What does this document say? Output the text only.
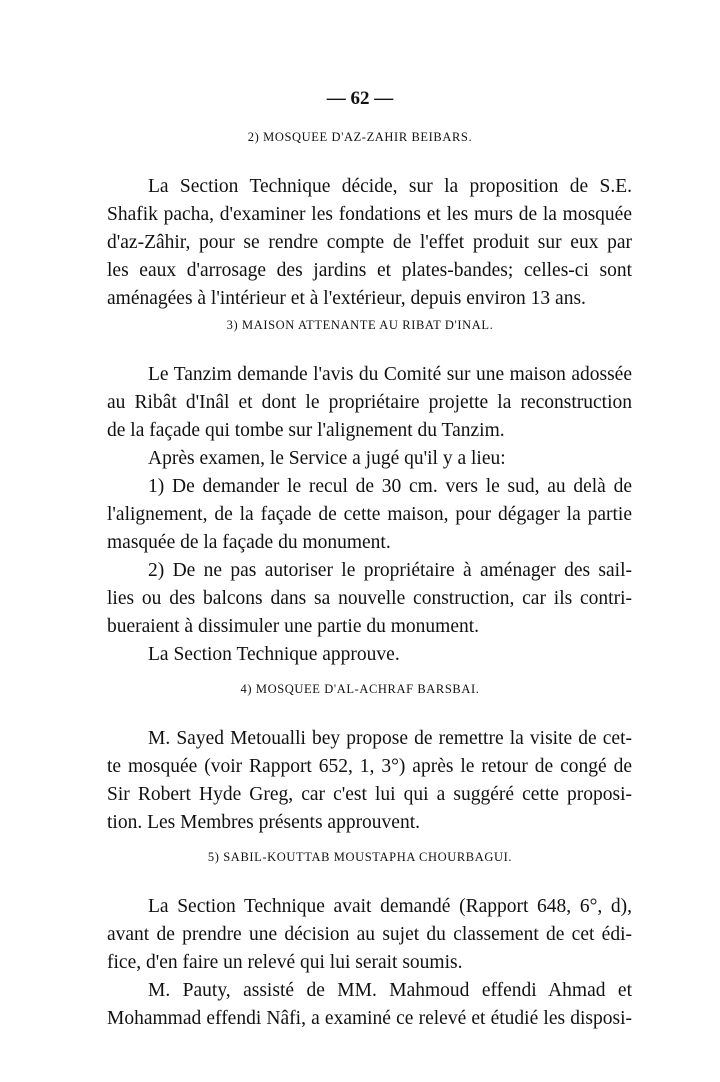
— 62 —
2) MOSQUEE D'AZ-ZAHIR BEIBARS.
La Section Technique décide, sur la proposition de S.E.
Shafik pacha, d'examiner les fondations et les murs de la mosquée
d'az-Zâhir, pour se rendre compte de l'effet produit sur eux par
les eaux d'arrosage des jardins et plates-bandes; celles-ci sont
aménagées à l'intérieur et à l'extérieur, depuis environ 13 ans.
3) MAISON ATTENANTE AU RIBAT D'INAL.
Le Tanzim demande l'avis du Comité sur une maison adossée
au Ribât d'Inâl et dont le propriétaire projette la reconstruction
de la façade qui tombe sur l'alignement du Tanzim.
Après examen, le Service a jugé qu'il y a lieu:
1) De demander le recul de 30 cm. vers le sud, au delà de
l'alignement, de la façade de cette maison, pour dégager la partie
masquée de la façade du monument.
2) De ne pas autoriser le propriétaire à aménager des sail-
lies ou des balcons dans sa nouvelle construction, car ils contri-
bueraient à dissimuler une partie du monument.
La Section Technique approuve.
4) MOSQUEE D'AL-ACHRAF BARSBAI.
M. Sayed Metoualli bey propose de remettre la visite de cet-
te mosquée (voir Rapport 652, 1, 3°) après le retour de congé de
Sir Robert Hyde Greg, car c'est lui qui a suggéré cette proposi-
tion. Les Membres présents approuvent.
5) SABIL-KOUTTAB MOUSTAPHA CHOURBAGUI.
La Section Technique avait demandé (Rapport 648, 6°, d),
avant de prendre une décision au sujet du classement de cet édi-
fice, d'en faire un relevé qui lui serait soumis.
M. Pauty, assisté de MM. Mahmoud effendi Ahmad et
Mohammad effendi Nâfi, a examiné ce relevé et étudié les disposi-
